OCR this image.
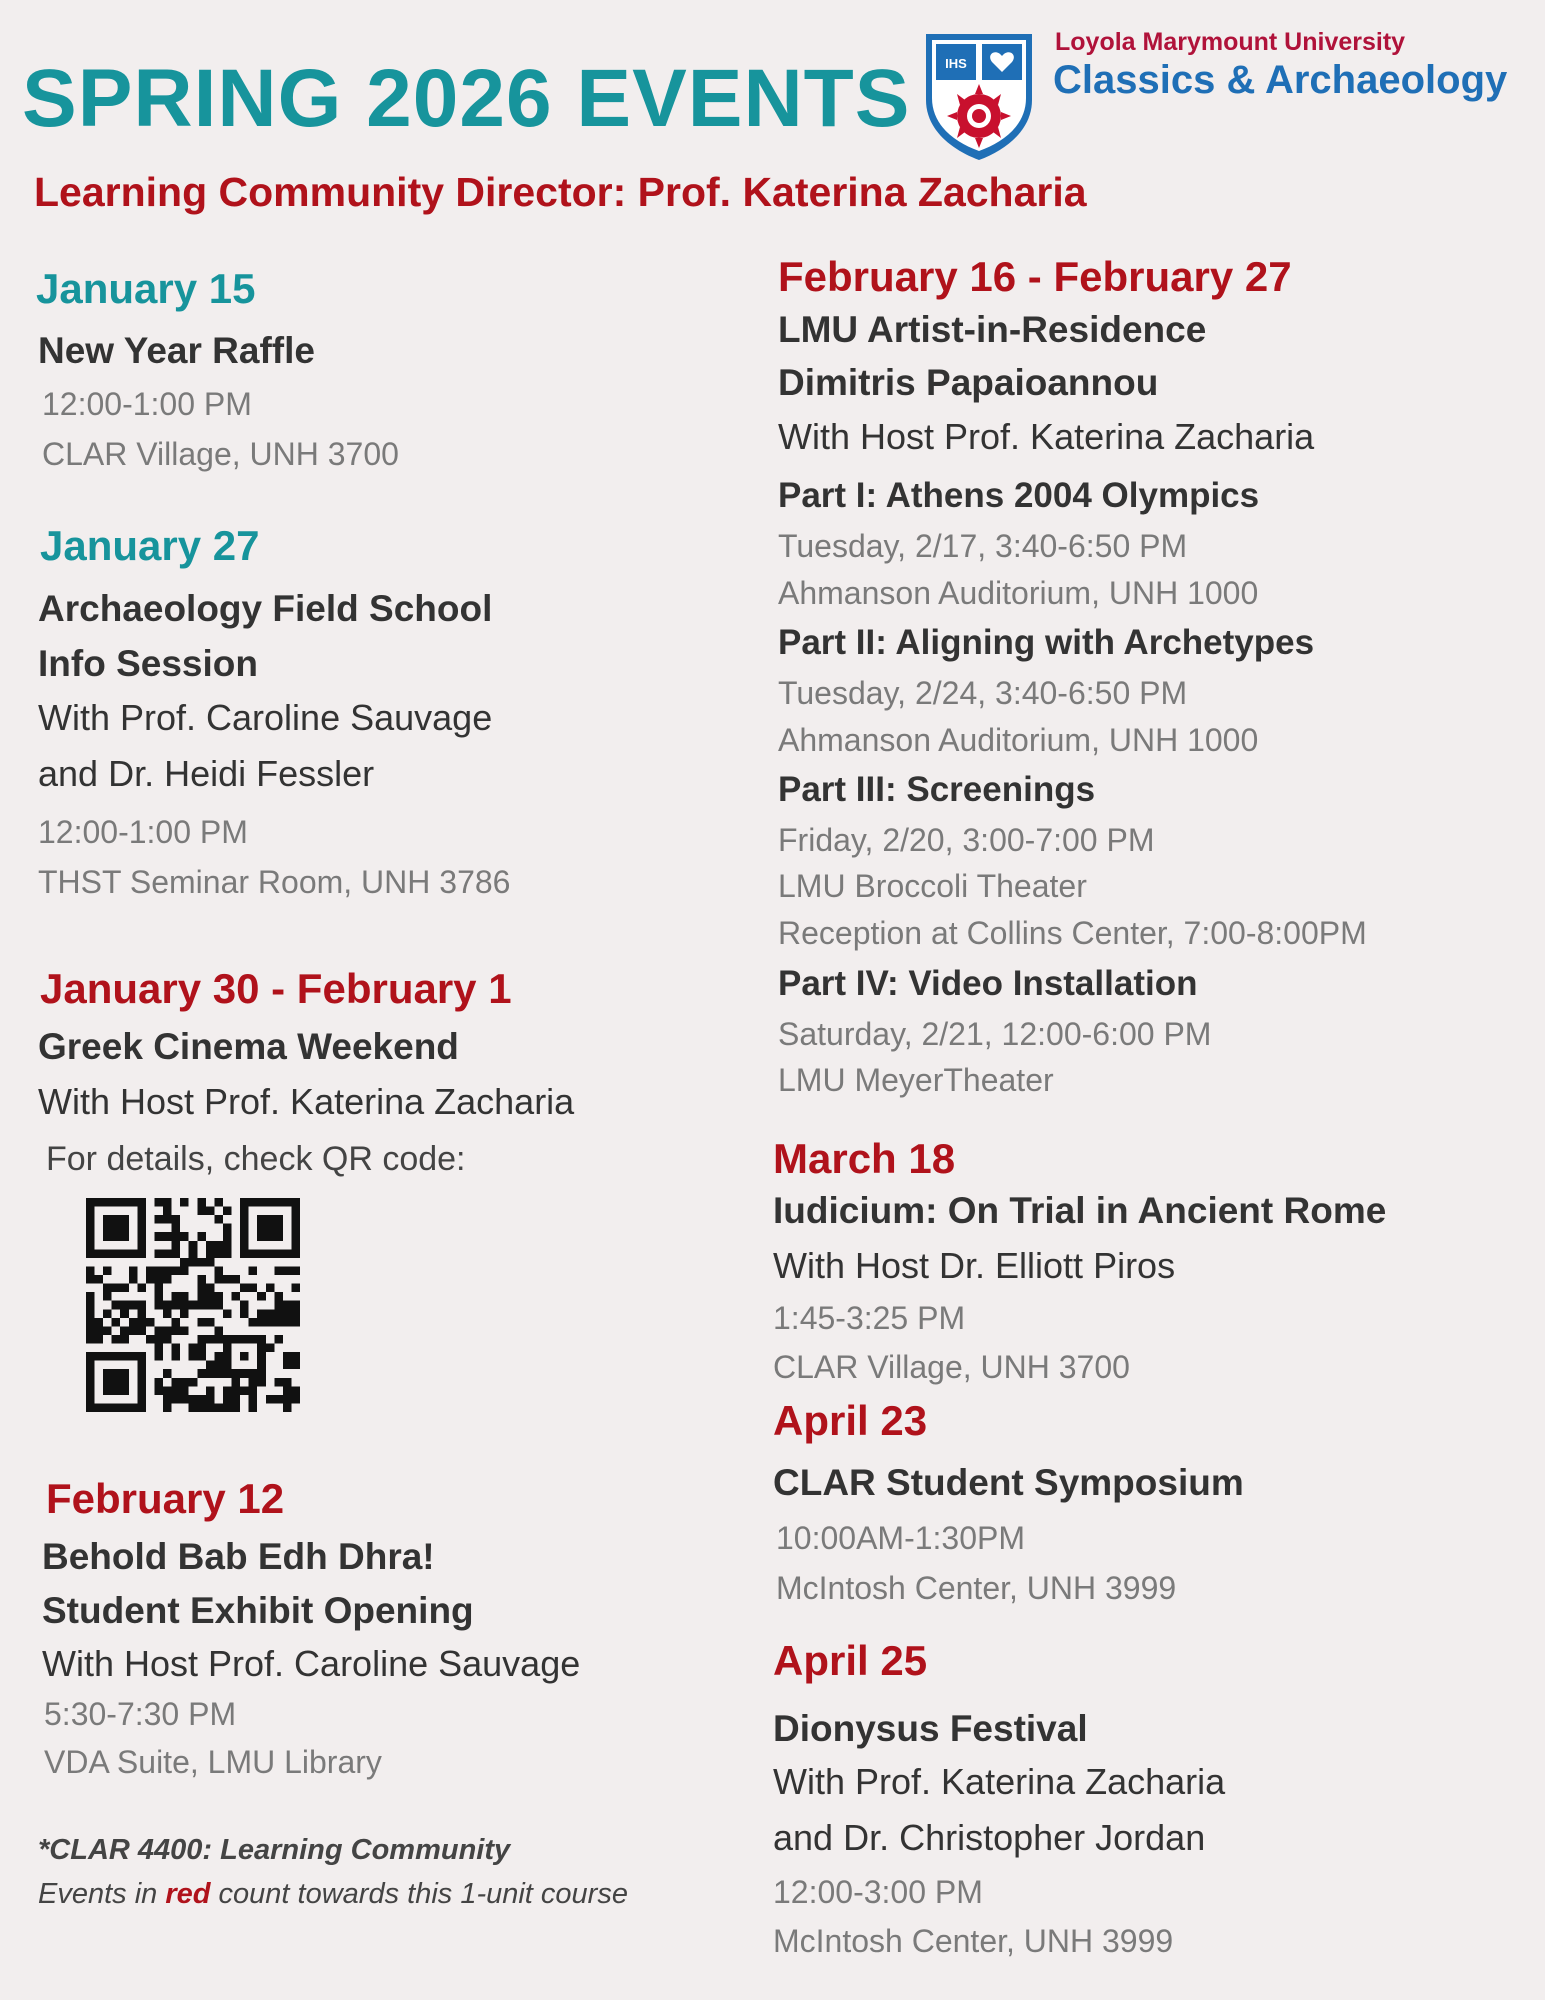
SPRING 2026 EVENTS
Learning Community Director: Prof. Katerina Zacharia
IHS
Loyola Marymount University
Classics & Archaeology
January 15
New Year Raffle
12:00-1:00 PM
CLAR Village, UNH 3700
January 27
Archaeology Field School
Info Session
With Prof. Caroline Sauvage
and Dr. Heidi Fessler
12:00-1:00 PM
THST Seminar Room, UNH 3786
January 30 - February 1
Greek Cinema Weekend
With Host Prof. Katerina Zacharia
For details, check QR code:
February 12
Behold Bab Edh Dhra!
Student Exhibit Opening
With Host Prof. Caroline Sauvage
5:30-7:30 PM
VDA Suite, LMU Library
*CLAR 4400: Learning Community
Events in red count towards this 1-unit course
February 16 - February 27
LMU Artist-in-Residence
Dimitris Papaioannou
With Host Prof. Katerina Zacharia
Part I: Athens 2004 Olympics
Tuesday, 2/17, 3:40-6:50 PM
Ahmanson Auditorium, UNH 1000
Part II: Aligning with Archetypes
Tuesday, 2/24, 3:40-6:50 PM
Ahmanson Auditorium, UNH 1000
Part III: Screenings
Friday, 2/20, 3:00-7:00 PM
LMU Broccoli Theater
Reception at Collins Center, 7:00-8:00PM
Part IV: Video Installation
Saturday, 2/21, 12:00-6:00 PM
LMU MeyerTheater
March 18
Iudicium: On Trial in Ancient Rome
With Host Dr. Elliott Piros
1:45-3:25 PM
CLAR Village, UNH 3700
April 23
CLAR Student Symposium
10:00AM-1:30PM
McIntosh Center, UNH 3999
April 25
Dionysus Festival
With Prof. Katerina Zacharia
and Dr. Christopher Jordan
12:00-3:00 PM
McIntosh Center, UNH 3999
